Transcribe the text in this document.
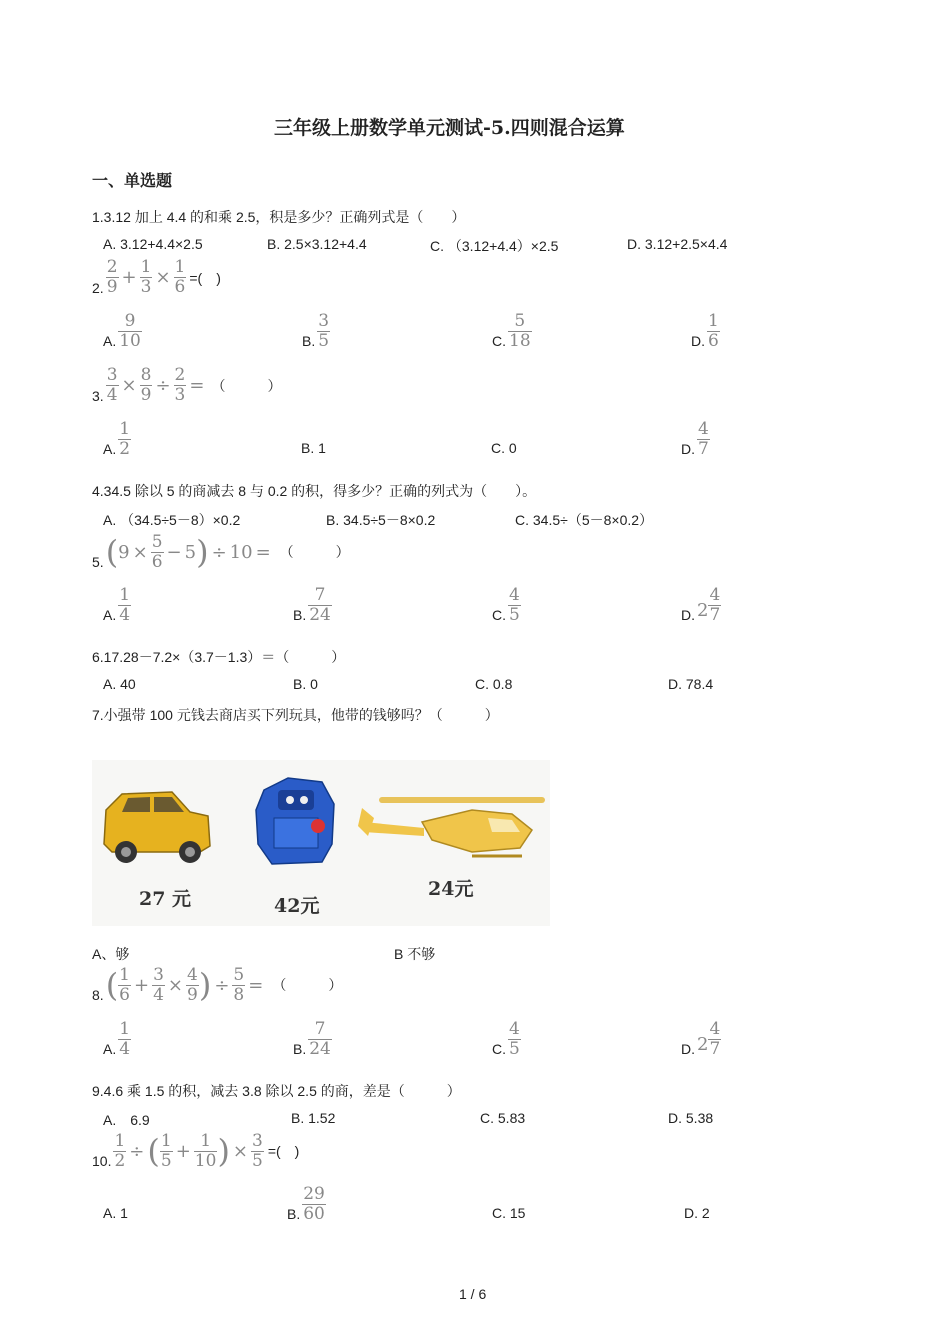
三年级上册数学单元测试-5.四则混合运算
一、单选题
1.3.12 加上 4.4 的和乘 2.5，积是多少？正确列式是（　　）
A. 3.12+4.4×2.5	B. 2.5×3.12+4.4	C. （3.12+4.4）×2.5	D. 3.12+2.5×4.4
2. $\frac{2}{9} + \frac{1}{3} \times \frac{1}{6}$ =(　)
A. $\frac{9}{10}$	B. $\frac{3}{5}$	C. $\frac{5}{18}$	D. $\frac{1}{6}$
3. $\frac{3}{4} \times \frac{8}{9} \div \frac{2}{3}$ = （　　　）
A. $\frac{1}{2}$	B. 1	C. 0	D. $\frac{4}{7}$
4.34.5 除以 5 的商减去 8 与 0.2 的积，得多少？正确的列式为（　　）。
A. （34.5÷5－8）×0.2	B. 34.5÷5－8×0.2	C. 34.5÷（5－8×0.2）
5. ( $9 \times \frac{5}{6} - 5$ ) ÷ 10 = （　　　）
A. $\frac{1}{4}$	B. $\frac{7}{24}$	C. $\frac{4}{5}$	D. $2 \frac{4}{7}$
6.17.28－7.2×（3.7－1.3）＝（　　　）
A. 40	B. 0	C. 0.8	D. 78.4
7.小强带 100 元钱去商店买下列玩具，他带的钱够吗？（　　　）
27 元	42元
24元
A、够	B 不够
8. ( $\frac{1}{6} + \frac{3}{4} \times \frac{4}{9}$ ) ÷ $\frac{5}{8}$ = （　　　）
A. $\frac{1}{4}$	B. $\frac{7}{24}$	C. $\frac{4}{5}$	D. $2 \frac{4}{7}$
9.4.6 乘 1.5 的积，减去 3.8 除以 2.5 的商，差是（　　　）
A.　6.9	B. 1.52	C. 5.83	D. 5.38
10. $\frac{1}{2}$ ÷ ( $\frac{1}{5} + \frac{1}{10}$ ) × $\frac{3}{5}$ =(　)
A. 1	B. $\frac{29}{60}$	C. 15	D. 2
1 / 6
